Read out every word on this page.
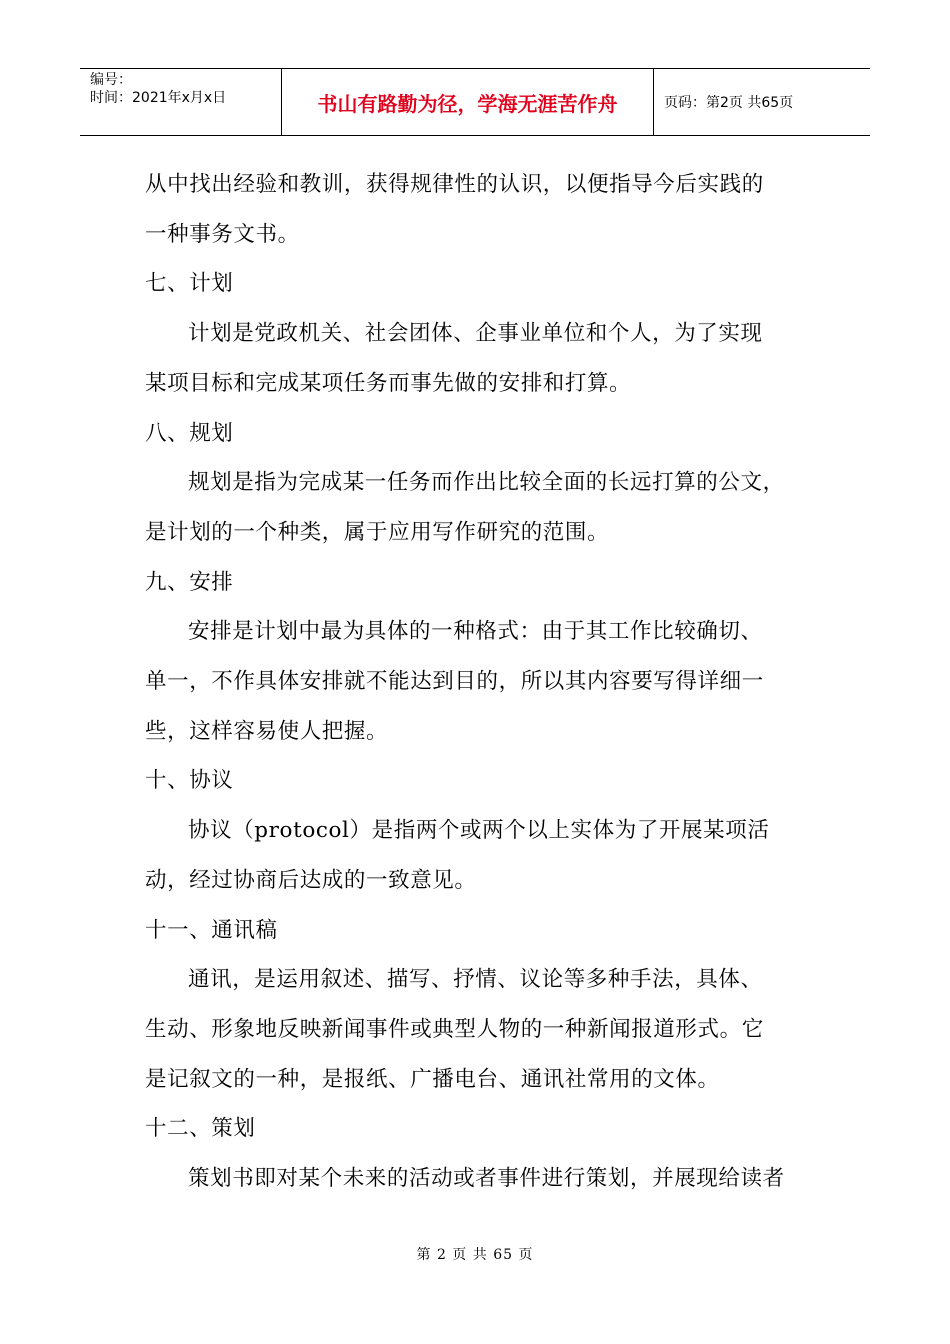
编号：
时间：2021年x月x日	书山有路勤为径，学海无涯苦作舟	页码：第2页 共65页

从中找出经验和教训，获得规律性的认识，以便指导今后实践的

一种事务文书。

七、计划

计划是党政机关、社会团体、企事业单位和个人，为了实现

某项目标和完成某项任务而事先做的安排和打算。

八、规划

规划是指为完成某一任务而作出比较全面的长远打算的公文，

是计划的一个种类，属于应用写作研究的范围。

九、安排

安排是计划中最为具体的一种格式：由于其工作比较确切、

单一，不作具体安排就不能达到目的，所以其内容要写得详细一

些，这样容易使人把握。

十、协议

协议（protocol）是指两个或两个以上实体为了开展某项活

动，经过协商后达成的一致意见。

十一、通讯稿

通讯，是运用叙述、描写、抒情、议论等多种手法，具体、

生动、形象地反映新闻事件或典型人物的一种新闻报道形式。它

是记叙文的一种，是报纸、广播电台、通讯社常用的文体。

十二、策划

策划书即对某个未来的活动或者事件进行策划，并展现给读者

第 2 页 共 65 页
